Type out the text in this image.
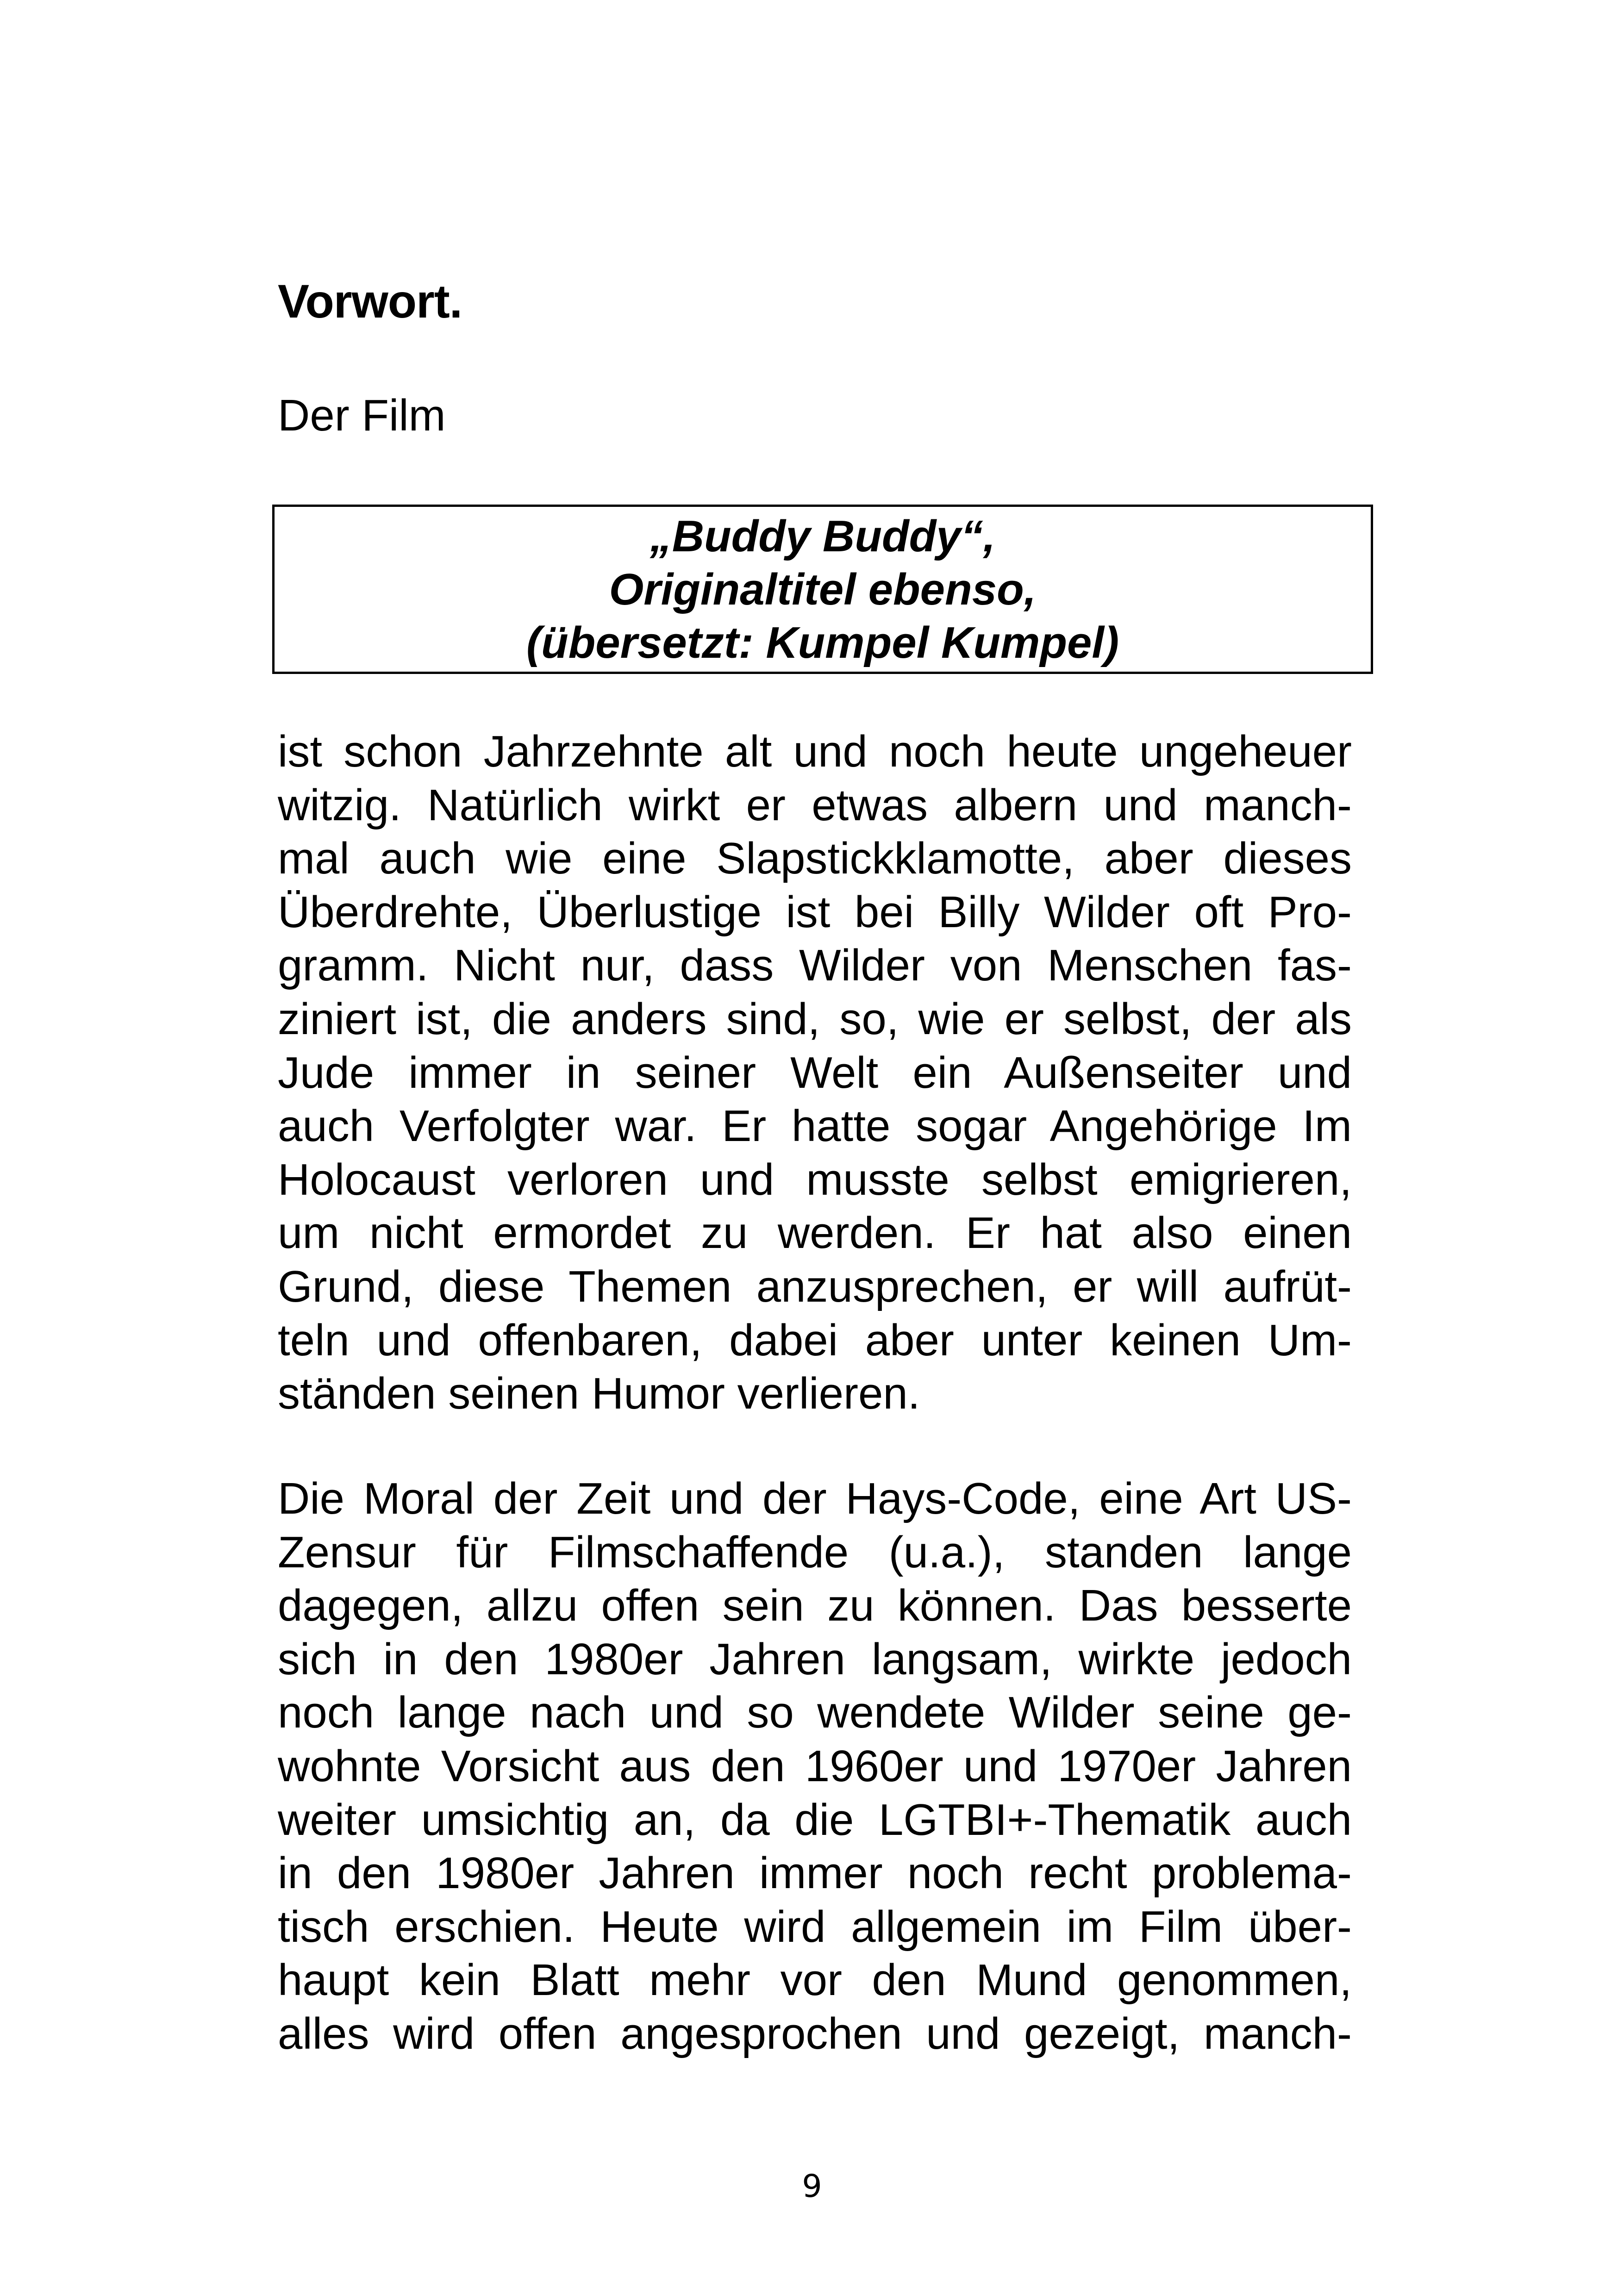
Vorwort.

Der Film

„Buddy Buddy“,
Originaltitel ebenso,
(übersetzt: Kumpel Kumpel)
ist schon Jahrzehnte alt und noch heute ungeheuer
witzig. Natürlich wirkt er etwas albern und manch-
mal auch wie eine Slapstickklamotte, aber dieses
Überdrehte, Überlustige ist bei Billy Wilder oft Pro-
gramm. Nicht nur, dass Wilder von Menschen fas-
ziniert ist, die anders sind, so, wie er selbst, der als
Jude immer in seiner Welt ein Außenseiter und
auch Verfolgter war. Er hatte sogar Angehörige Im
Holocaust verloren und musste selbst emigrieren,
um nicht ermordet zu werden. Er hat also einen
Grund, diese Themen anzusprechen, er will aufrüt-
teln und offenbaren, dabei aber unter keinen Um-
ständen seinen Humor verlieren.
Die Moral der Zeit und der Hays-Code, eine Art US-
Zensur für Filmschaffende (u.a.), standen lange
dagegen, allzu offen sein zu können. Das besserte
sich in den 1980er Jahren langsam, wirkte jedoch
noch lange nach und so wendete Wilder seine ge-
wohnte Vorsicht aus den 1960er und 1970er Jahren
weiter umsichtig an, da die LGTBI+-Thematik auch
in den 1980er Jahren immer noch recht problema-
tisch erschien. Heute wird allgemein im Film über-
haupt kein Blatt mehr vor den Mund genommen,
alles wird offen angesprochen und gezeigt, manch-
9
